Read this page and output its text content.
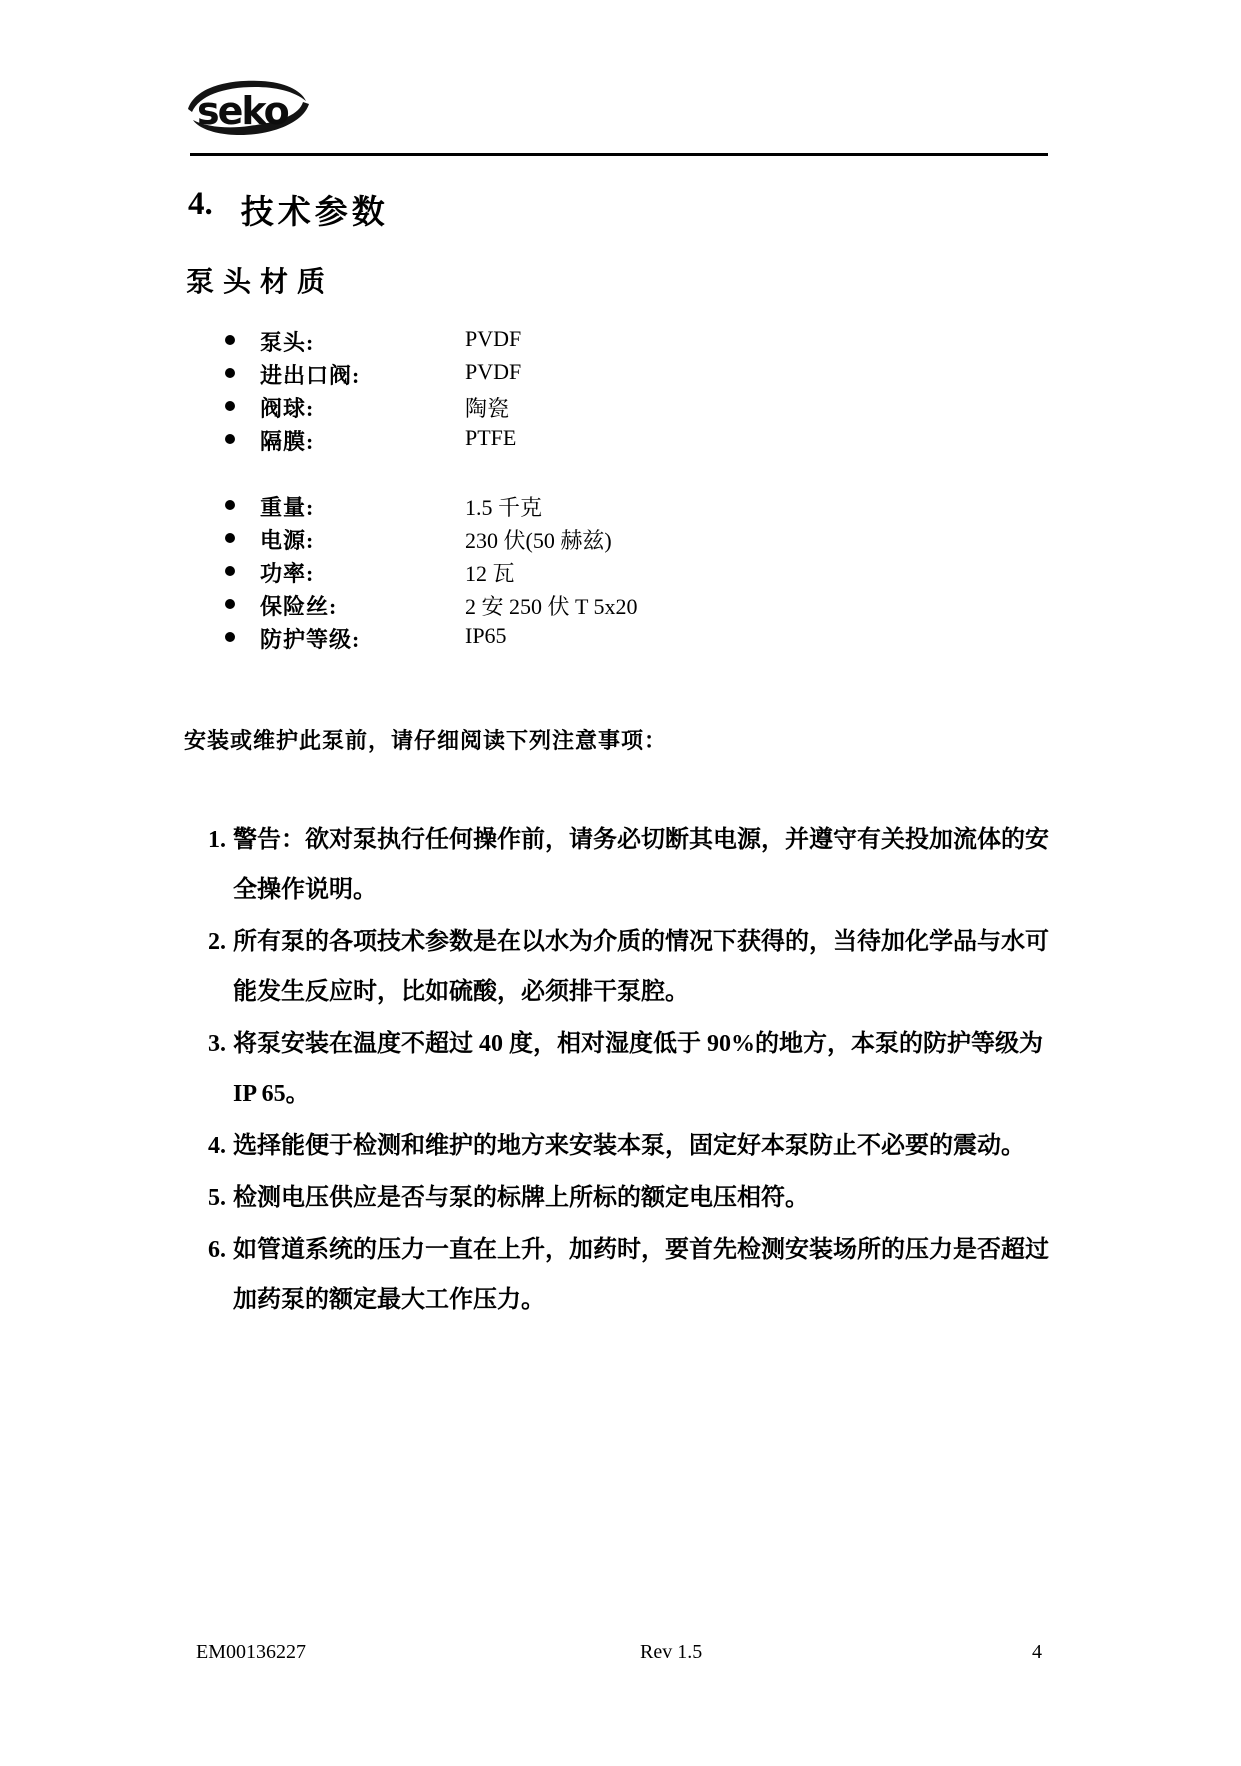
seko
4. 技术参数
泵头材质
泵头:	PVDF
进出口阀:	PVDF
阀球:	陶瓷
隔膜:	PTFE
重量:	1.5 千克
电源:	230 伏(50 赫兹)
功率:	12 瓦
保险丝:	2 安 250 伏 T 5x20
防护等级:	IP65
安装或维护此泵前，请仔细阅读下列注意事项：
1. 警告：欲对泵执行任何操作前，请务必切断其电源，并遵守有关投加流体的安全操作说明。
2. 所有泵的各项技术参数是在以水为介质的情况下获得的，当待加化学品与水可能发生反应时，比如硫酸，必须排干泵腔。
3. 将泵安装在温度不超过 40 度，相对湿度低于 90%的地方，本泵的防护等级为 IP 65。
4. 选择能便于检测和维护的地方来安装本泵，固定好本泵防止不必要的震动。
5. 检测电压供应是否与泵的标牌上所标的额定电压相符。
6. 如管道系统的压力一直在上升，加药时，要首先检测安装场所的压力是否超过加药泵的额定最大工作压力。
EM00136227	Rev 1.5	4
